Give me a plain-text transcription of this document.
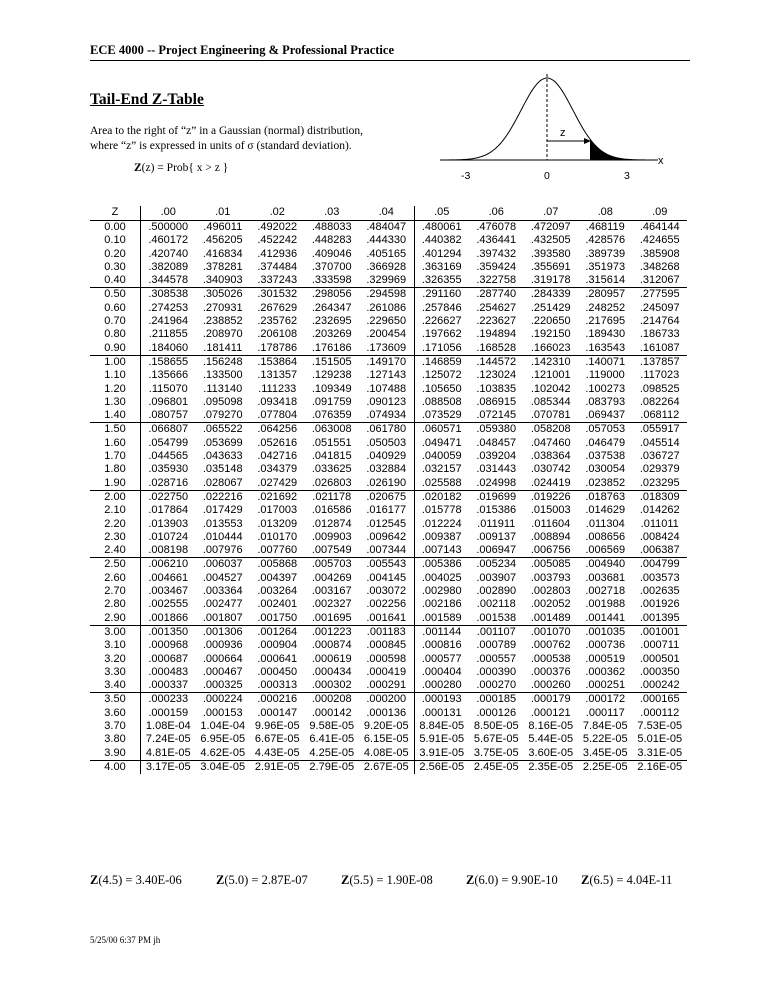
ECE 4000 -- Project Engineering & Professional Practice
Tail-End Z-Table
Area to the right of “z” in a Gaussian (normal) distribution,
where “z” is expressed in units of σ (standard deviation).
Z(z) = Prob{ x > z }
z
x
-3	0	3
Z	.00	.01	.02	.03	.04	.05	.06	.07	.08	.09
0.00	.500000	.496011	.492022	.488033	.484047	.480061	.476078	.472097	.468119	.464144
0.10	.460172	.456205	.452242	.448283	.444330	.440382	.436441	.432505	.428576	.424655
0.20	.420740	.416834	.412936	.409046	.405165	.401294	.397432	.393580	.389739	.385908
0.30	.382089	.378281	.374484	.370700	.366928	.363169	.359424	.355691	.351973	.348268
0.40	.344578	.340903	.337243	.333598	.329969	.326355	.322758	.319178	.315614	.312067
0.50	.308538	.305026	.301532	.298056	.294598	.291160	.287740	.284339	.280957	.277595
0.60	.274253	.270931	.267629	.264347	.261086	.257846	.254627	.251429	.248252	.245097
0.70	.241964	.238852	.235762	.232695	.229650	.226627	.223627	.220650	.217695	.214764
0.80	.211855	.208970	.206108	.203269	.200454	.197662	.194894	.192150	.189430	.186733
0.90	.184060	.181411	.178786	.176186	.173609	.171056	.168528	.166023	.163543	.161087
1.00	.158655	.156248	.153864	.151505	.149170	.146859	.144572	.142310	.140071	.137857
1.10	.135666	.133500	.131357	.129238	.127143	.125072	.123024	.121001	.119000	.117023
1.20	.115070	.113140	.111233	.109349	.107488	.105650	.103835	.102042	.100273	.098525
1.30	.096801	.095098	.093418	.091759	.090123	.088508	.086915	.085344	.083793	.082264
1.40	.080757	.079270	.077804	.076359	.074934	.073529	.072145	.070781	.069437	.068112
1.50	.066807	.065522	.064256	.063008	.061780	.060571	.059380	.058208	.057053	.055917
1.60	.054799	.053699	.052616	.051551	.050503	.049471	.048457	.047460	.046479	.045514
1.70	.044565	.043633	.042716	.041815	.040929	.040059	.039204	.038364	.037538	.036727
1.80	.035930	.035148	.034379	.033625	.032884	.032157	.031443	.030742	.030054	.029379
1.90	.028716	.028067	.027429	.026803	.026190	.025588	.024998	.024419	.023852	.023295
2.00	.022750	.022216	.021692	.021178	.020675	.020182	.019699	.019226	.018763	.018309
2.10	.017864	.017429	.017003	.016586	.016177	.015778	.015386	.015003	.014629	.014262
2.20	.013903	.013553	.013209	.012874	.012545	.012224	.011911	.011604	.011304	.011011
2.30	.010724	.010444	.010170	.009903	.009642	.009387	.009137	.008894	.008656	.008424
2.40	.008198	.007976	.007760	.007549	.007344	.007143	.006947	.006756	.006569	.006387
2.50	.006210	.006037	.005868	.005703	.005543	.005386	.005234	.005085	.004940	.004799
2.60	.004661	.004527	.004397	.004269	.004145	.004025	.003907	.003793	.003681	.003573
2.70	.003467	.003364	.003264	.003167	.003072	.002980	.002890	.002803	.002718	.002635
2.80	.002555	.002477	.002401	.002327	.002256	.002186	.002118	.002052	.001988	.001926
2.90	.001866	.001807	.001750	.001695	.001641	.001589	.001538	.001489	.001441	.001395
3.00	.001350	.001306	.001264	.001223	.001183	.001144	.001107	.001070	.001035	.001001
3.10	.000968	.000936	.000904	.000874	.000845	.000816	.000789	.000762	.000736	.000711
3.20	.000687	.000664	.000641	.000619	.000598	.000577	.000557	.000538	.000519	.000501
3.30	.000483	.000467	.000450	.000434	.000419	.000404	.000390	.000376	.000362	.000350
3.40	.000337	.000325	.000313	.000302	.000291	.000280	.000270	.000260	.000251	.000242
3.50	.000233	.000224	.000216	.000208	.000200	.000193	.000185	.000179	.000172	.000165
3.60	.000159	.000153	.000147	.000142	.000136	.000131	.000126	.000121	.000117	.000112
3.70	1.08E-04	1.04E-04	9.96E-05	9.58E-05	9.20E-05	8.84E-05	8.50E-05	8.16E-05	7.84E-05	7.53E-05
3.80	7.24E-05	6.95E-05	6.67E-05	6.41E-05	6.15E-05	5.91E-05	5.67E-05	5.44E-05	5.22E-05	5.01E-05
3.90	4.81E-05	4.62E-05	4.43E-05	4.25E-05	4.08E-05	3.91E-05	3.75E-05	3.60E-05	3.45E-05	3.31E-05
4.00	3.17E-05	3.04E-05	2.91E-05	2.79E-05	2.67E-05	2.56E-05	2.45E-05	2.35E-05	2.25E-05	2.16E-05
Z(4.5) = 3.40E-06	Z(5.0) = 2.87E-07	Z(5.5) = 1.90E-08	Z(6.0) = 9.90E-10	Z(6.5) = 4.04E-11
5/25/00 6:37 PM jh
